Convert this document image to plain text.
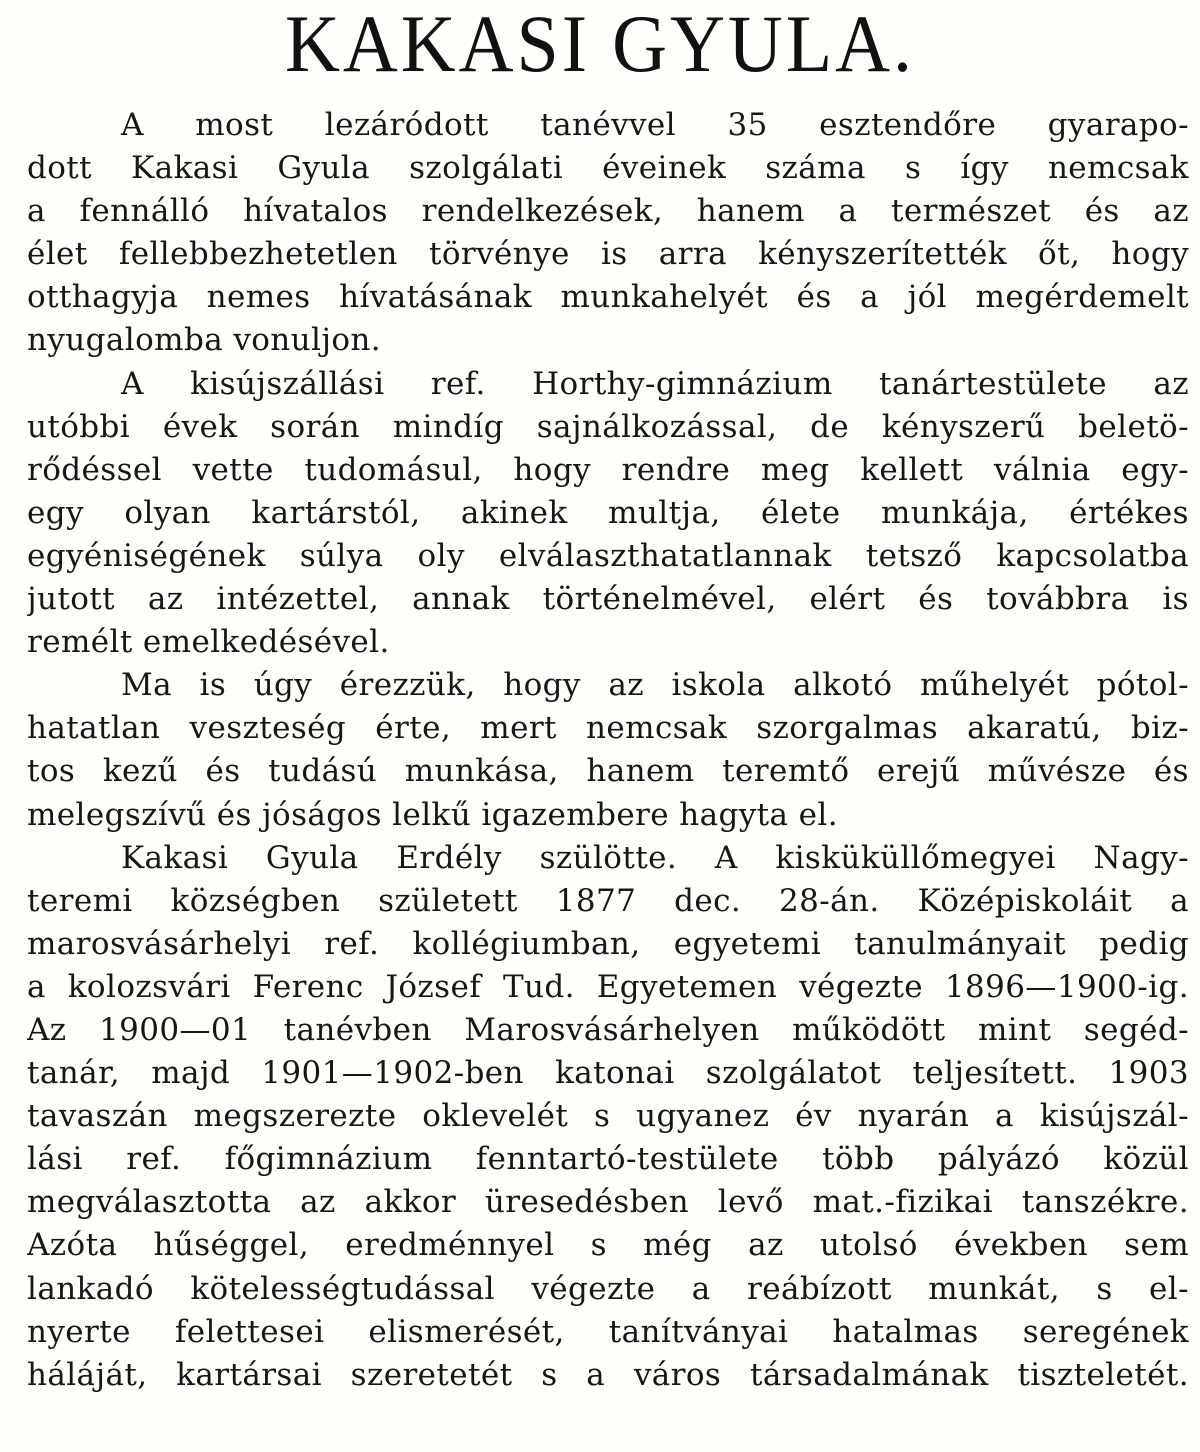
KAKASI GYULA.
A most lezáródott tanévvel 35 esztendőre gyarapo-
dott Kakasi Gyula szolgálati éveinek száma s így nemcsak
a fennálló hívatalos rendelkezések, hanem a természet és az
élet fellebbezhetetlen törvénye is arra kényszerítették őt, hogy
otthagyja nemes hívatásának munkahelyét és a jól megérdemelt
nyugalomba vonuljon.
A kisújszállási ref. Horthy-gimnázium tanártestülete az
utóbbi évek során mindíg sajnálkozással, de kényszerű beletö-
rődéssel vette tudomásul, hogy rendre meg kellett válnia egy-
egy olyan kartárstól, akinek multja, élete munkája, értékes
egyéniségének súlya oly elválaszthatatlannak tetsző kapcsolatba
jutott az intézettel, annak történelmével, elért és továbbra is
remélt emelkedésével.
Ma is úgy érezzük, hogy az iskola alkotó műhelyét pótol-
hatatlan veszteség érte, mert nemcsak szorgalmas akaratú, biz-
tos kezű és tudású munkása, hanem teremtő erejű művésze és
melegszívű és jóságos lelkű igazembere hagyta el.
Kakasi Gyula Erdély szülötte. A kisküküllőmegyei Nagy-
teremi községben született 1877 dec. 28-án. Középiskoláit a
marosvásárhelyi ref. kollégiumban, egyetemi tanulmányait pedig
a kolozsvári Ferenc József Tud. Egyetemen végezte 1896—1900-ig.
Az 1900—01 tanévben Marosvásárhelyen működött mint segéd-
tanár, majd 1901—1902-ben katonai szolgálatot teljesített. 1903
tavaszán megszerezte oklevelét s ugyanez év nyarán a kisújszál-
lási ref. főgimnázium fenntartó-testülete több pályázó közül
megválasztotta az akkor üresedésben levő mat.-fizikai tanszékre.
Azóta hűséggel, eredménnyel s még az utolsó években sem
lankadó kötelességtudással végezte a reábízott munkát, s el-
nyerte felettesei elismerését, tanítványai hatalmas seregének
háláját, kartársai szeretetét s a város társadalmának tiszteletét.
